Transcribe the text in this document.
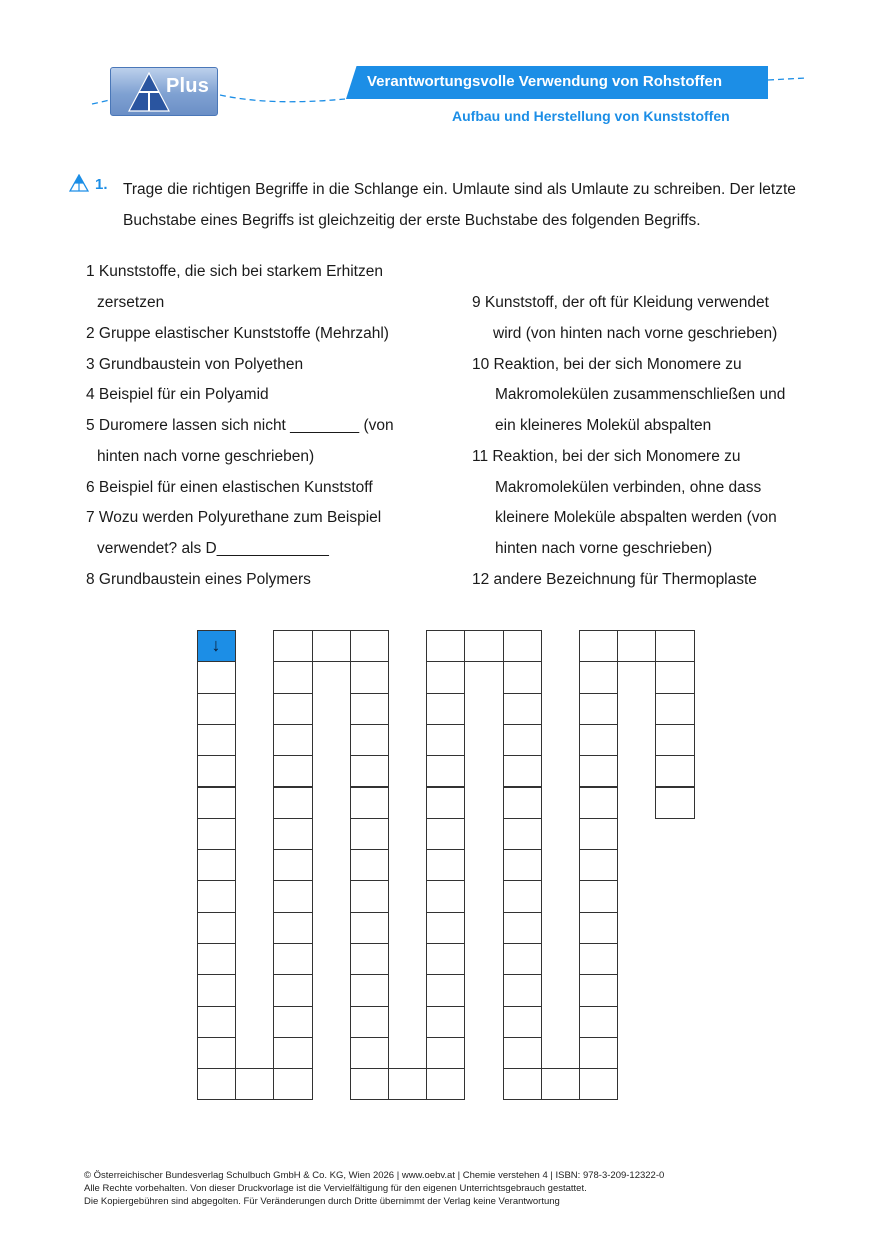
Plus	Verantwortungsvolle Verwendung von Rohstoffen
Aufbau und Herstellung von Kunststoffen
1. Trage die richtigen Begriffe in die Schlange ein. Umlaute sind als Umlaute zu schreiben. Der letzte Buchstabe eines Begriffs ist gleichzeitig der erste Buchstabe des folgenden Begriffs.
1 Kunststoffe, die sich bei starkem Erhitzen
zersetzen
2 Gruppe elastischer Kunststoffe (Mehrzahl)
3 Grundbaustein von Polyethen
4 Beispiel für ein Polyamid
5 Duromere lassen sich nicht ________ (von
hinten nach vorne geschrieben)
6 Beispiel für einen elastischen Kunststoff
7 Wozu werden Polyurethane zum Beispiel
verwendet? als D_____________
8 Grundbaustein eines Polymers
9 Kunststoff, der oft für Kleidung verwendet
wird (von hinten nach vorne geschrieben)
10 Reaktion, bei der sich Monomere zu
Makromolekülen zusammenschließen und
ein kleineres Molekül abspalten
11 Reaktion, bei der sich Monomere zu
Makromolekülen verbinden, ohne dass
kleinere Moleküle abspalten werden (von
hinten nach vorne geschrieben)
12 andere Bezeichnung für Thermoplaste
↓
© Österreichischer Bundesverlag Schulbuch GmbH & Co. KG, Wien 2026 | www.oebv.at | Chemie verstehen 4 | ISBN: 978-3-209-12322-0
Alle Rechte vorbehalten. Von dieser Druckvorlage ist die Vervielfältigung für den eigenen Unterrichtsgebrauch gestattet.
Die Kopiergebühren sind abgegolten. Für Veränderungen durch Dritte übernimmt der Verlag keine Verantwortung
